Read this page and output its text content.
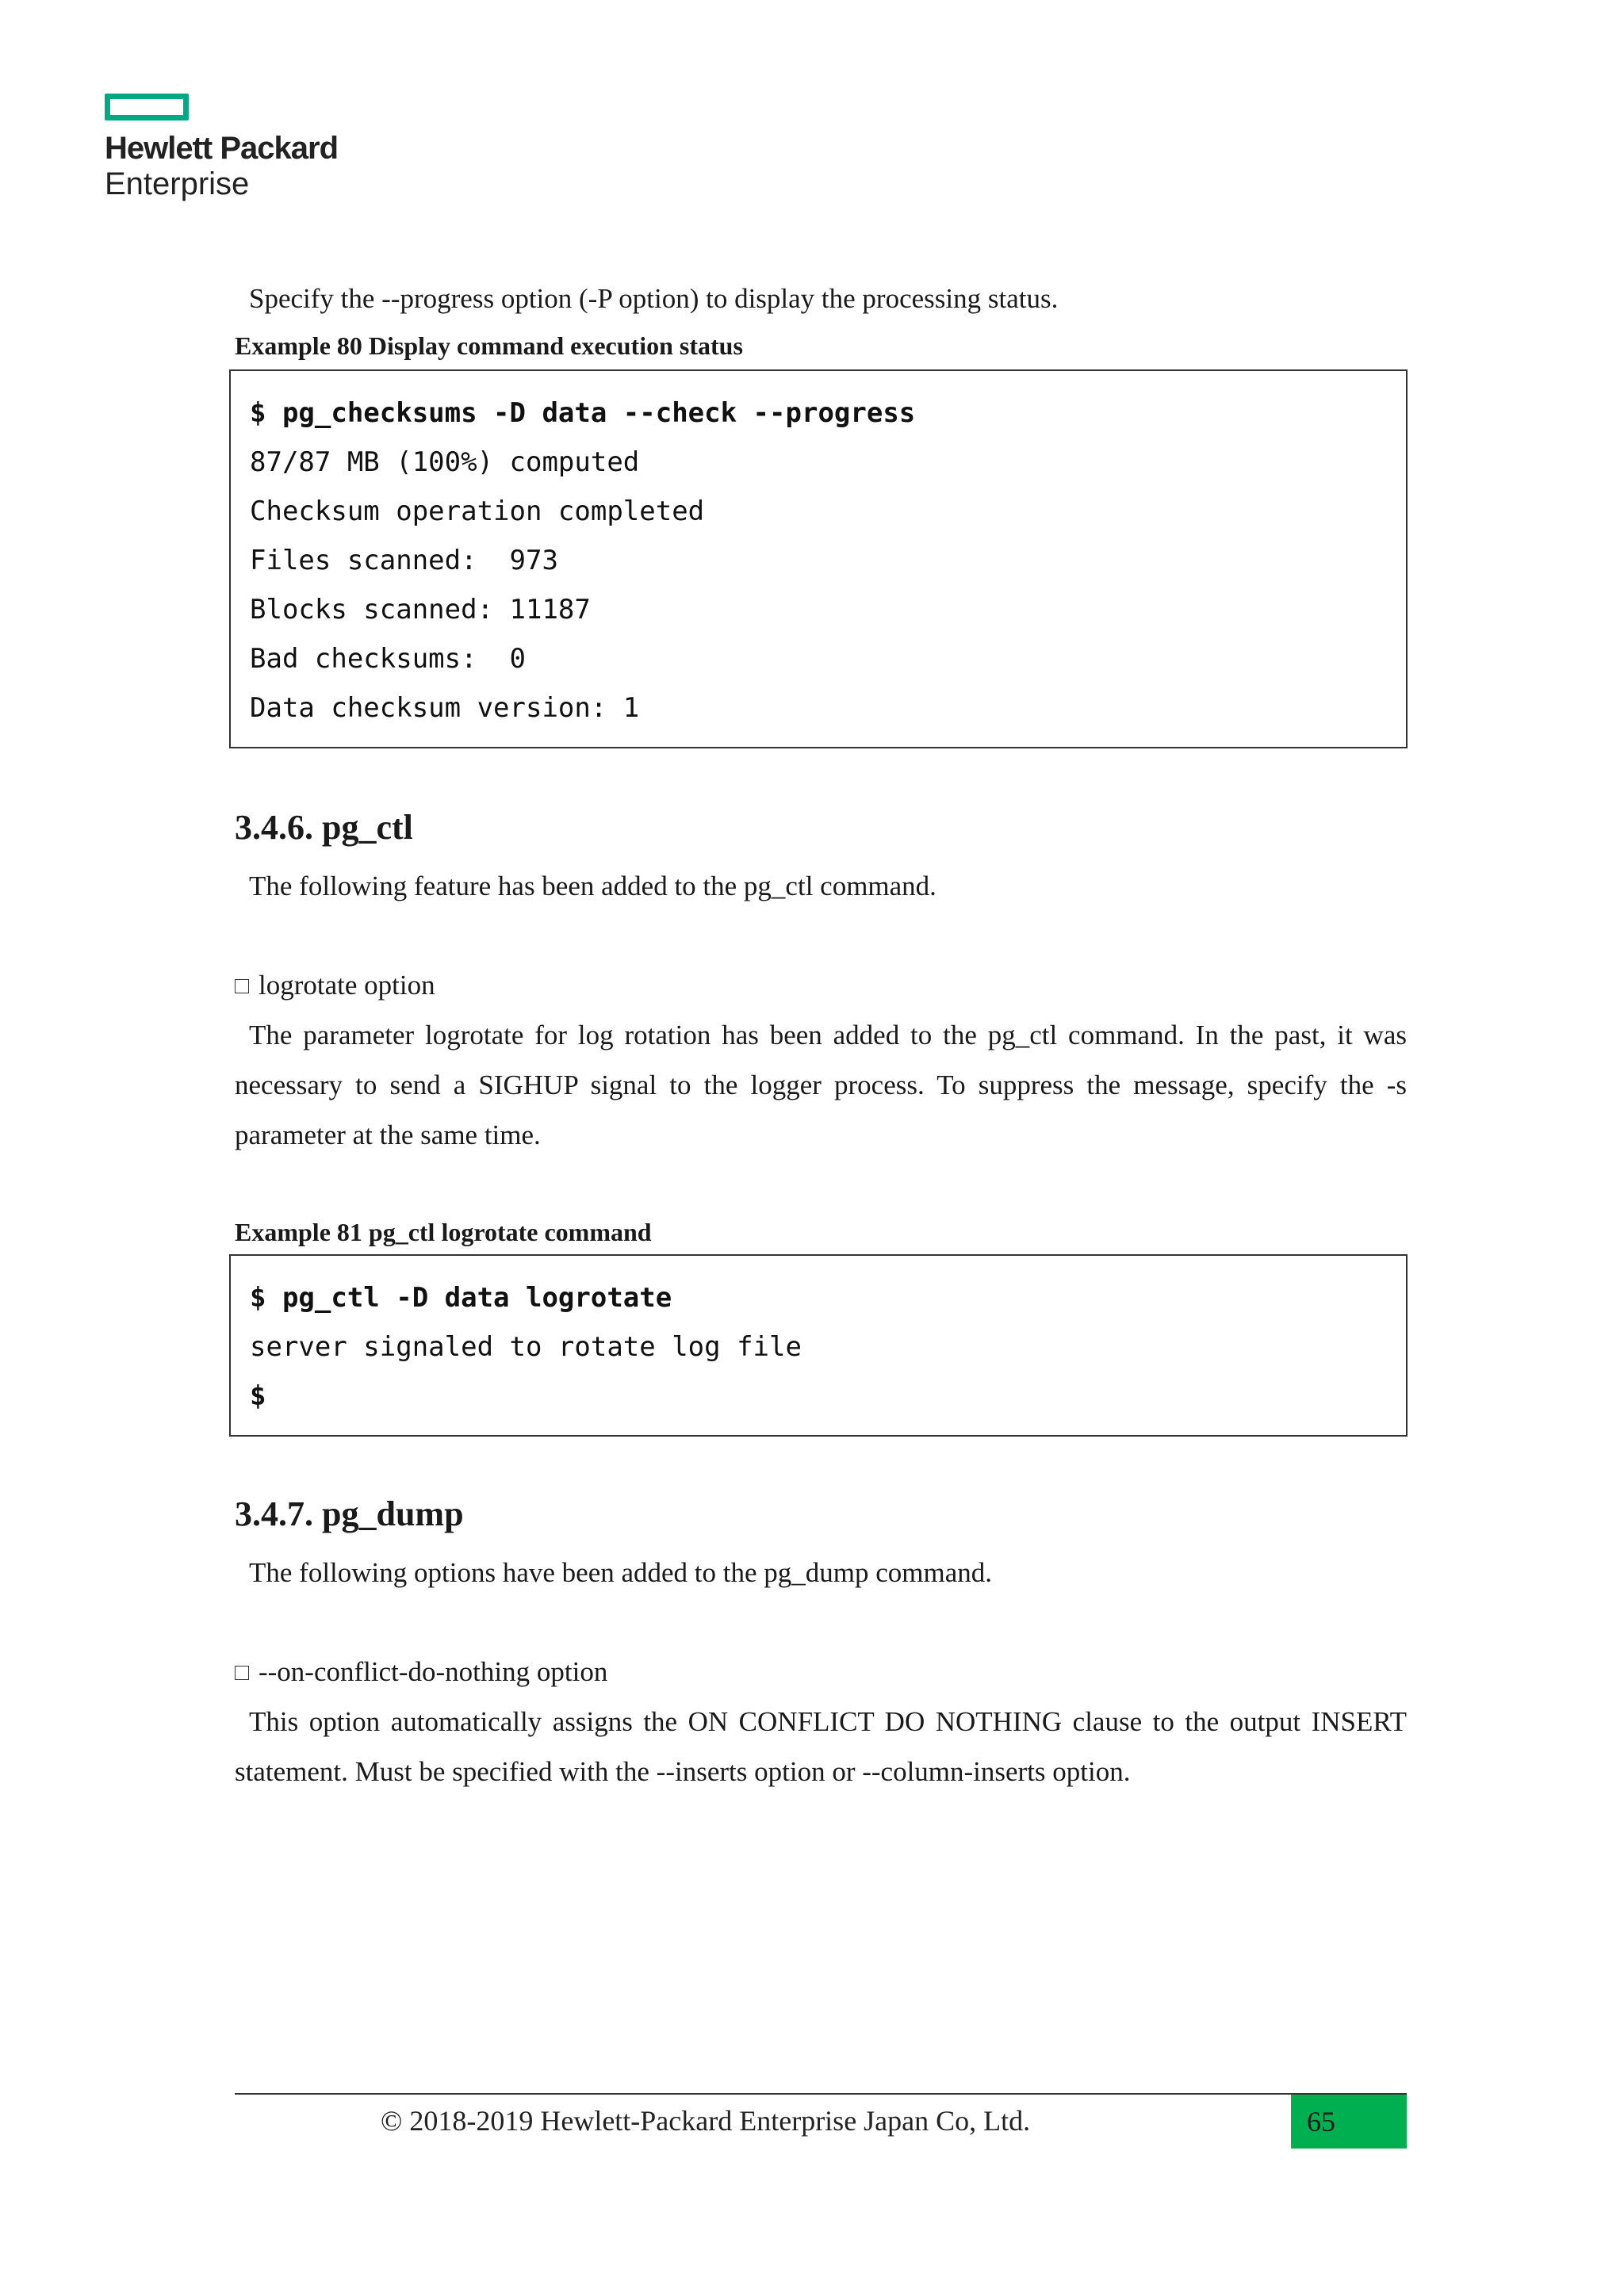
Hewlett Packard
Enterprise

Specify the --progress option (-P option) to display the processing status.

Example 80 Display command execution status
$ pg_checksums -D data --check --progress
87/87 MB (100%) computed
Checksum operation completed
Files scanned:  973
Blocks scanned: 11187
Bad checksums:  0
Data checksum version: 1
3.4.6. pg_ctl

The following feature has been added to the pg_ctl command.

logrotate option

The parameter logrotate for log rotation has been added to the pg_ctl command. In the past, it was necessary to send a SIGHUP signal to the logger process. To suppress the message, specify the -s parameter at the same time.

Example 81 pg_ctl logrotate command
$ pg_ctl -D data logrotate
server signaled to rotate log file
$
3.4.7. pg_dump

The following options have been added to the pg_dump command.

--on-conflict-do-nothing option

This option automatically assigns the ON CONFLICT DO NOTHING clause to the output INSERT statement. Must be specified with the --inserts option or --column-inserts option.

© 2018-2019 Hewlett-Packard Enterprise Japan Co, Ltd.	65
